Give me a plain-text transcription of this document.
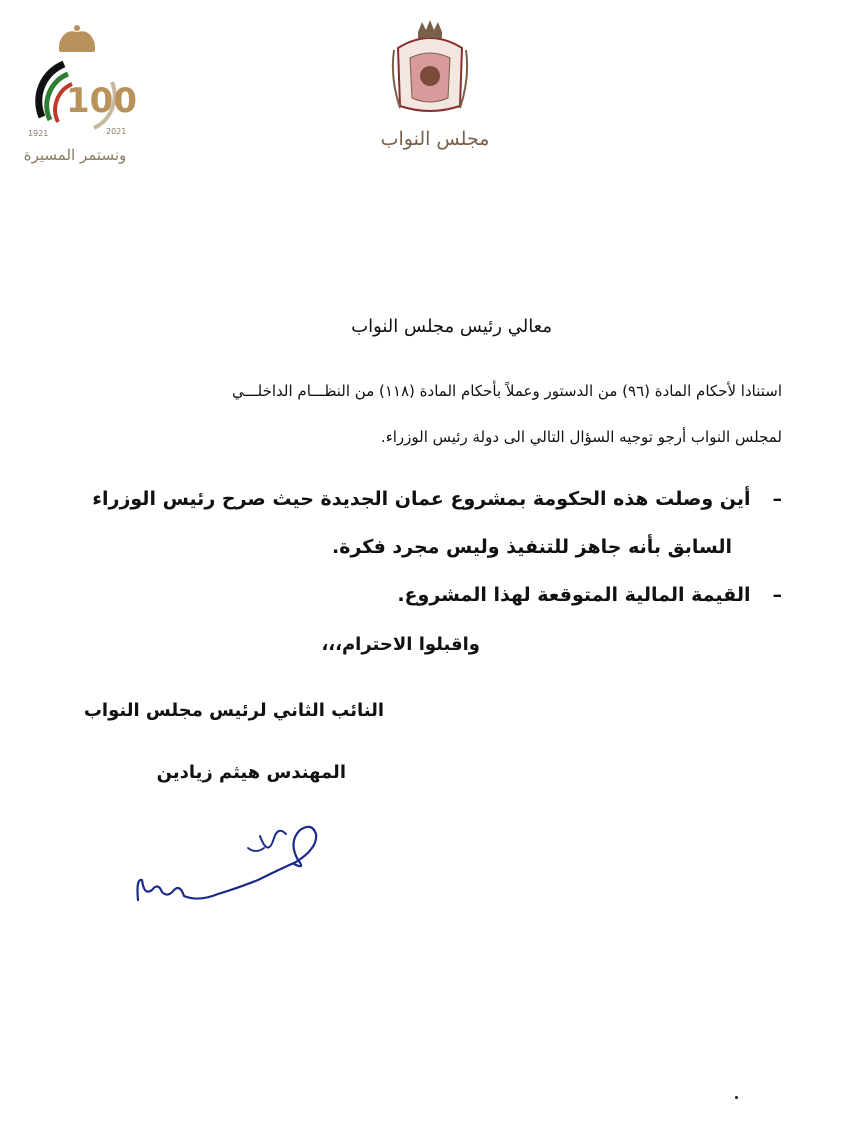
100
1921	2021
ونستمر المسيرة
مجلس النواب
معالي رئيس مجلس النواب
استنادا لأحكام المادة (٩٦) من الدستور وعملاً بأحكام المادة (١١٨) من النظـــام الداخلـــي
لمجلس النواب أرجو توجيه السؤال التالي الى دولة رئيس الوزراء.
–أين وصلت هذه الحكومة بمشروع عمان الجديدة حيث صرح رئيس الوزراء
السابق بأنه جاهز للتنفيذ وليس مجرد فكرة.
–القيمة المالية المتوقعة لهذا المشروع.
واقبلوا الاحترام،،،
النائب الثاني لرئيس مجلس النواب
المهندس هيثم زيادين
